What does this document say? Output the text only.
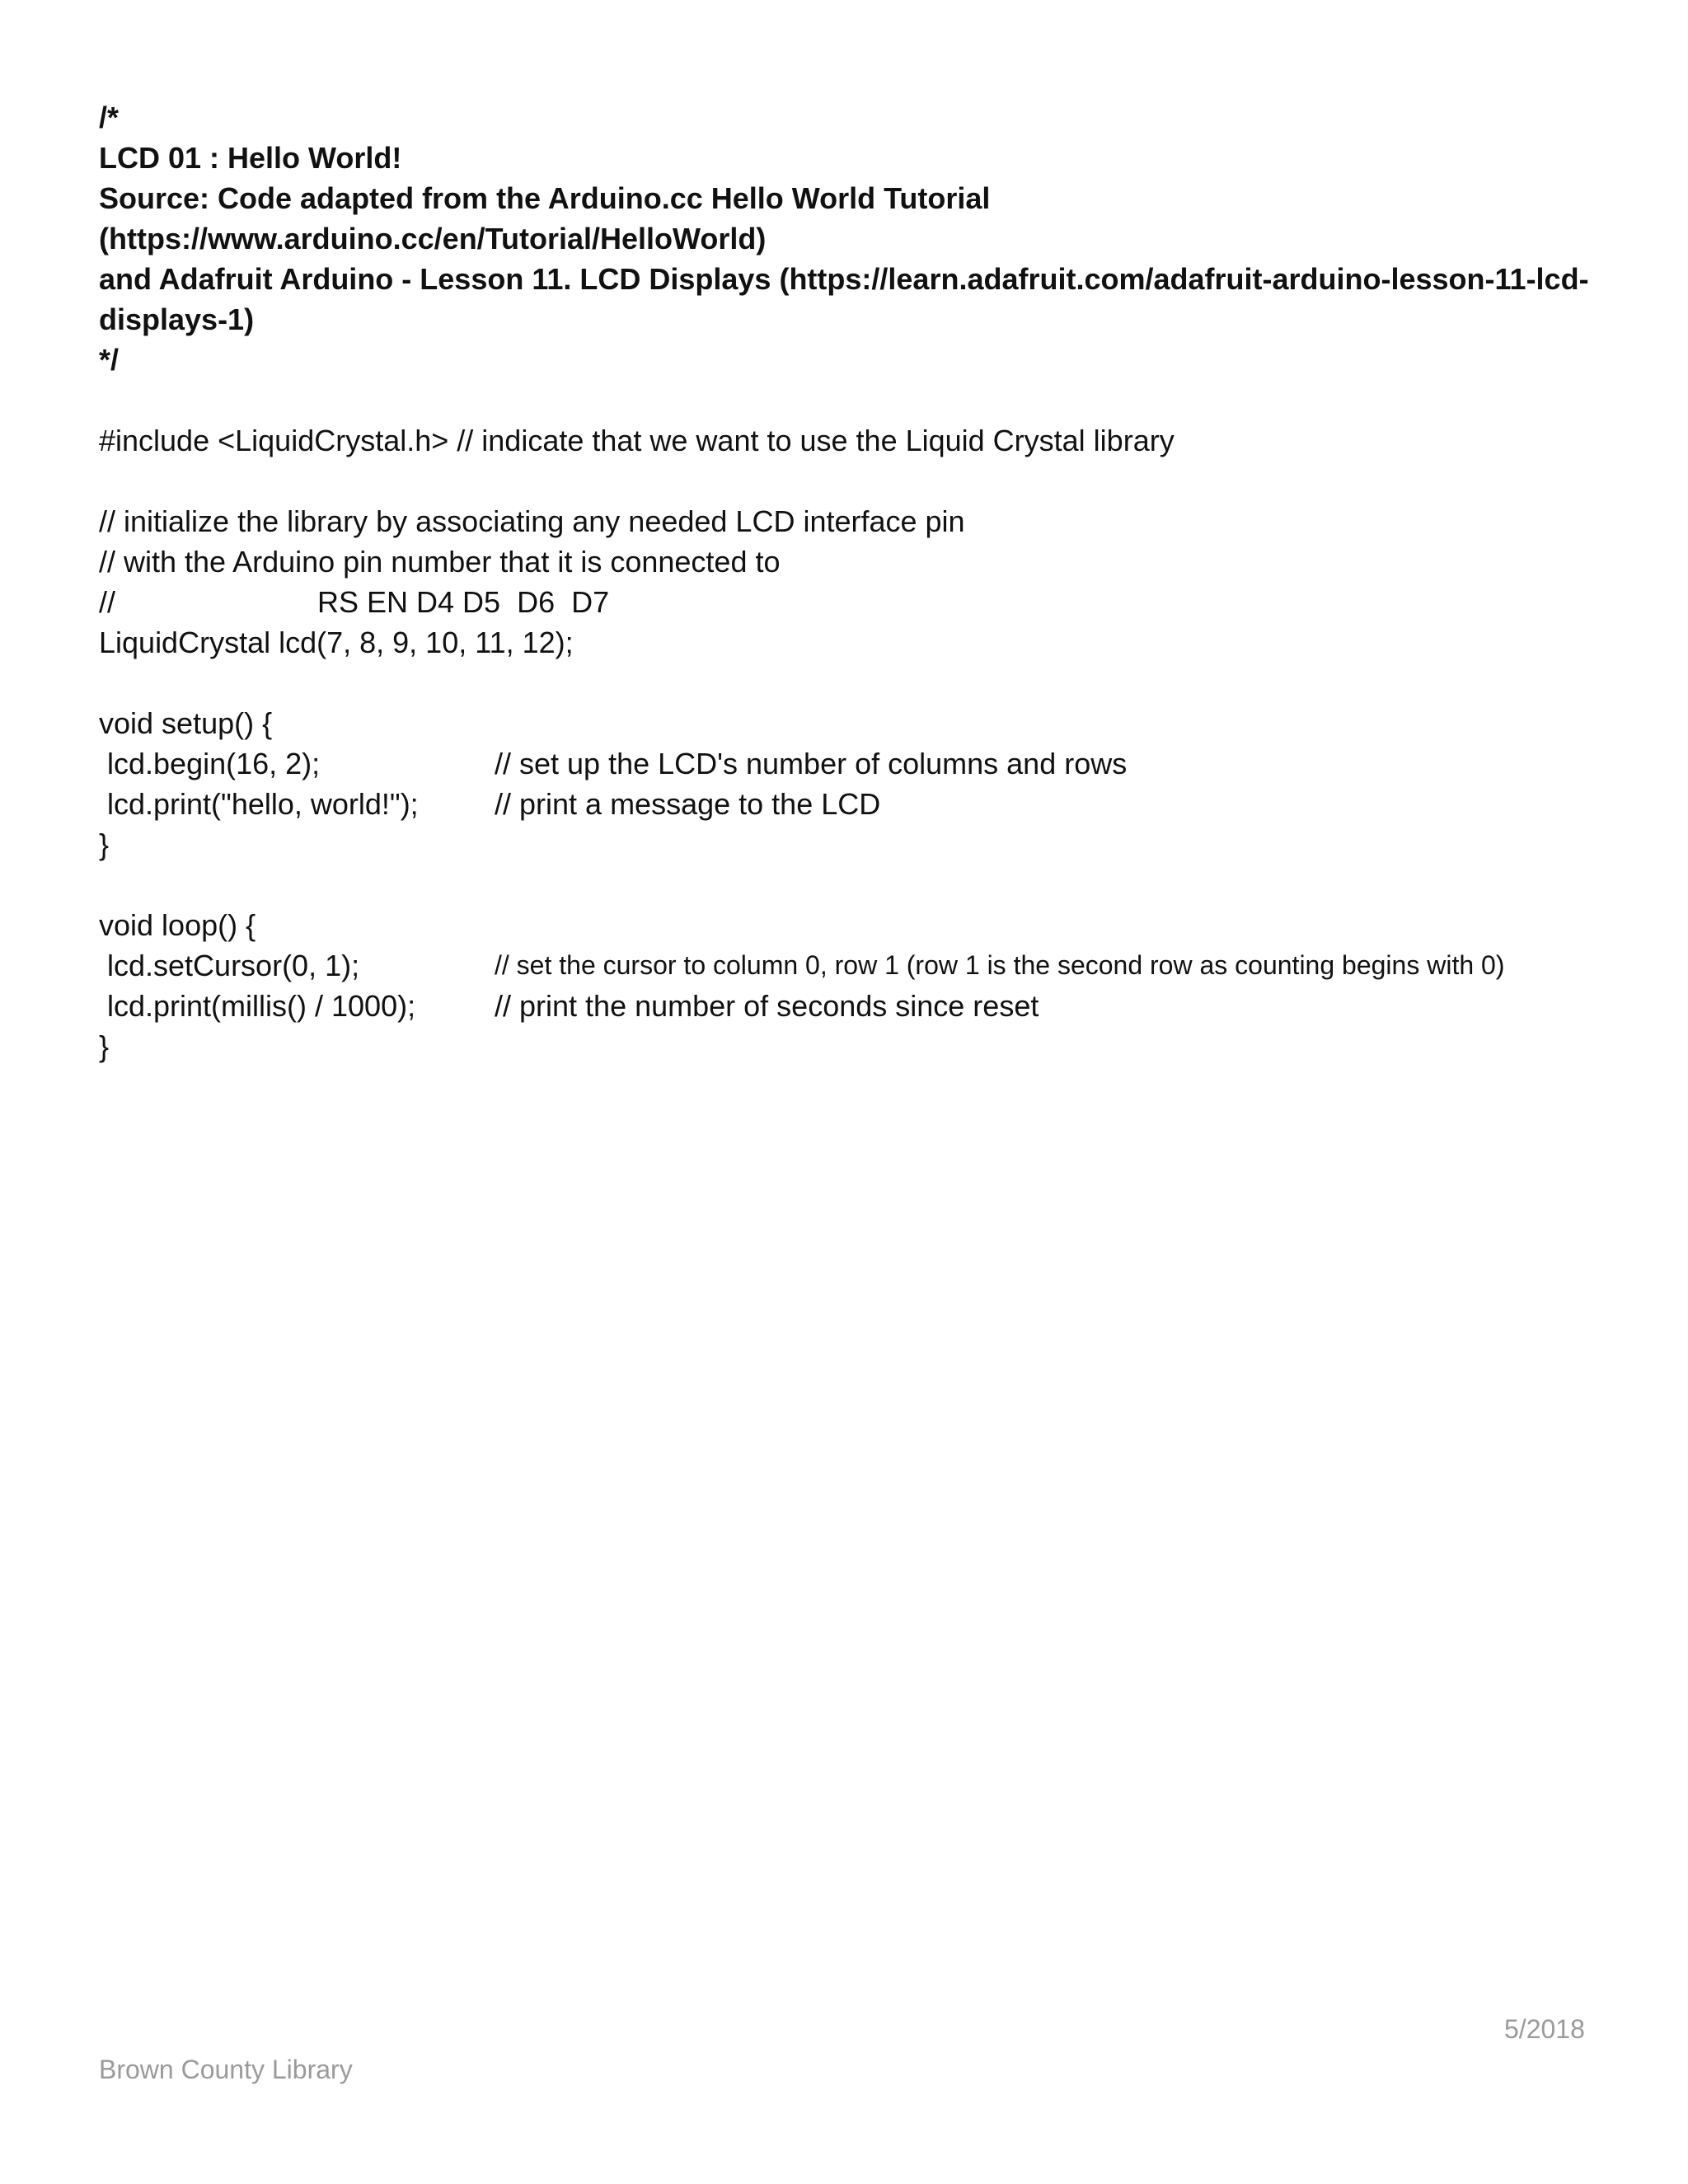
/*
LCD 01 : Hello World!
Source: Code adapted from the Arduino.cc Hello World Tutorial
(https://www.arduino.cc/en/Tutorial/HelloWorld)
and Adafruit Arduino - Lesson 11. LCD Displays (https://learn.adafruit.com/adafruit-arduino-lesson-11-lcd-
displays-1)
*/
#include <LiquidCrystal.h> // indicate that we want to use the Liquid Crystal library
// initialize the library by associating any needed LCD interface pin
// with the Arduino pin number that it is connected to
//	RS EN D4 D5  D6  D7
LiquidCrystal lcd(7, 8, 9, 10, 11, 12);
void setup() {
lcd.begin(16, 2);	// set up the LCD's number of columns and rows
lcd.print("hello, world!");	// print a message to the LCD
}
void loop() {
lcd.setCursor(0, 1);	// set the cursor to column 0, row 1 (row 1 is the second row as counting begins with 0)
lcd.print(millis() / 1000);	// print the number of seconds since reset
}
5/2018
Brown County Library
